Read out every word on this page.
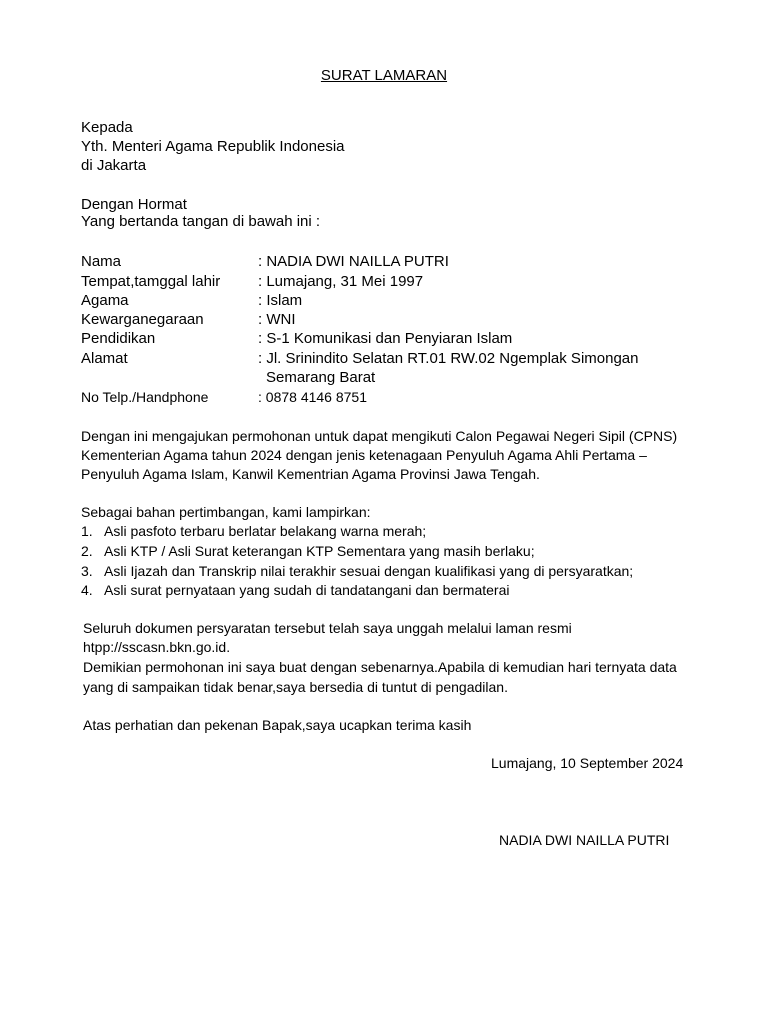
SURAT LAMARAN
Kepada
Yth. Menteri Agama Republik Indonesia
di Jakarta
Dengan Hormat
Yang bertanda tangan di bawah ini :
Nama	: NADIA DWI NAILLA PUTRI
Tempat,tamggal lahir	: Lumajang, 31 Mei 1997
Agama	: Islam
Kewarganegaraan	: WNI
Pendidikan	: S-1 Komunikasi dan Penyiaran Islam
Alamat	: Jl. Srinindito Selatan RT.01 RW.02 Ngemplak Simongan
Semarang Barat
No Telp./Handphone	: 0878 4146 8751
Dengan ini mengajukan permohonan untuk dapat mengikuti Calon Pegawai Negeri Sipil (CPNS)
Kementerian Agama tahun 2024 dengan jenis ketenagaan Penyuluh Agama Ahli Pertama –
Penyuluh Agama Islam, Kanwil Kementrian Agama Provinsi Jawa Tengah.
Sebagai bahan pertimbangan, kami lampirkan:
1. Asli pasfoto terbaru berlatar belakang warna merah;
2. Asli KTP / Asli Surat keterangan KTP Sementara yang masih berlaku;
3. Asli Ijazah dan Transkrip nilai terakhir sesuai dengan kualifikasi yang di persyaratkan;
4. Asli surat pernyataan yang sudah di tandatangani dan bermaterai
Seluruh dokumen persyaratan tersebut telah saya unggah melalui laman resmi
htpp://sscasn.bkn.go.id.
Demikian permohonan ini saya buat dengan sebenarnya.Apabila di kemudian hari ternyata data
yang di sampaikan tidak benar,saya bersedia di tuntut di pengadilan.
Atas perhatian dan pekenan Bapak,saya ucapkan terima kasih
Lumajang, 10 September 2024
NADIA DWI NAILLA PUTRI
